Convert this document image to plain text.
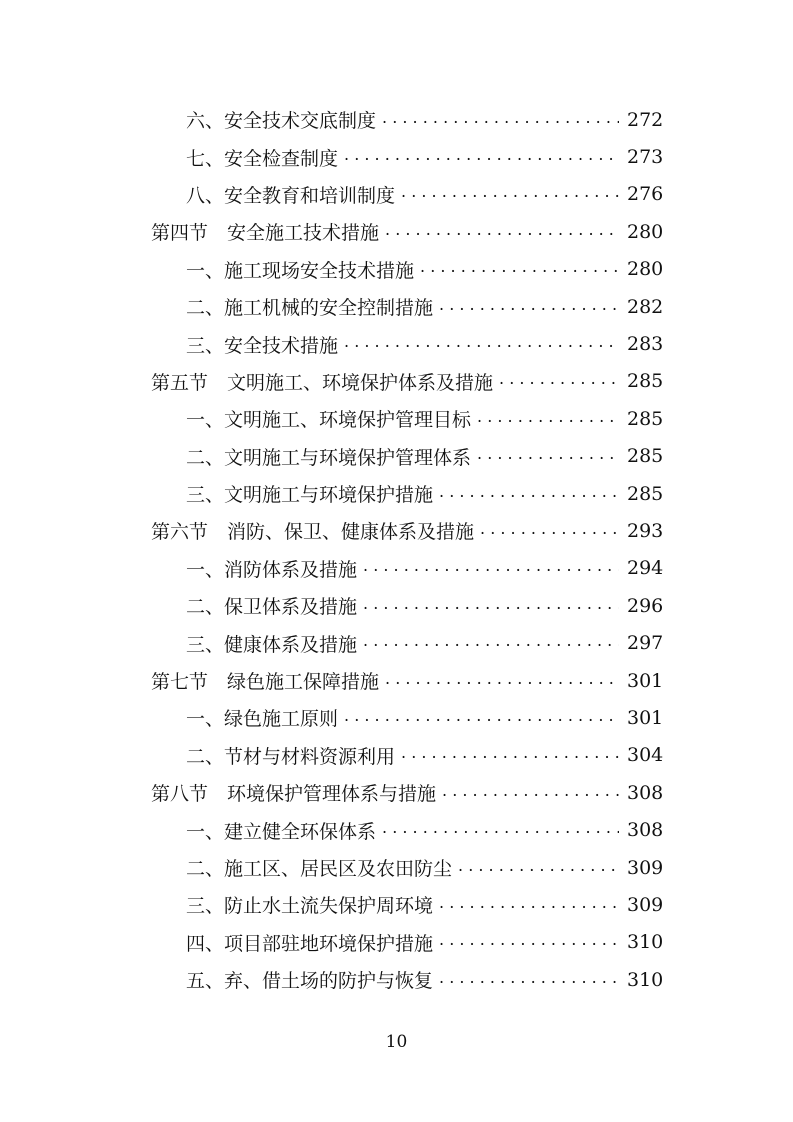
六、 安全技术交底制度 . . .	272
七、 安全检查制度 . . .	273
八、 安全教育和培训制度 . . .	276
第四节 安全施工技术措施 . . .	280
一、 施工现场安全技术措施 . . .	280
二、 施工机械的安全控制措施 . . .	282
三、 安全技术措施 . . .	283
第五节 文明施工、环境保护体系及措施 . . .	285
一、 文明施工、环境保护管理目标 . . .	285
二、 文明施工与环境保护管理体系 . . .	285
三、 文明施工与环境保护措施 . . .	285
第六节 消防、保卫、健康体系及措施 . . .	293
一、 消防体系及措施 . . .	294
二、 保卫体系及措施 . . .	296
三、 健康体系及措施 . . .	297
第七节 绿色施工保障措施 . . .	301
一、 绿色施工原则 . . .	301
二、 节材与材料资源利用 . . .	304
第八节 环境保护管理体系与措施 . . .	308
一、 建立健全环保体系 . . .	308
二、 施工区、居民区及农田防尘 . . .	309
三、 防止水土流失保护周环境 . . .	309
四、 项目部驻地环境保护措施 . . .	310
五、 弃、借土场的防护与恢复 . . .	310
10
